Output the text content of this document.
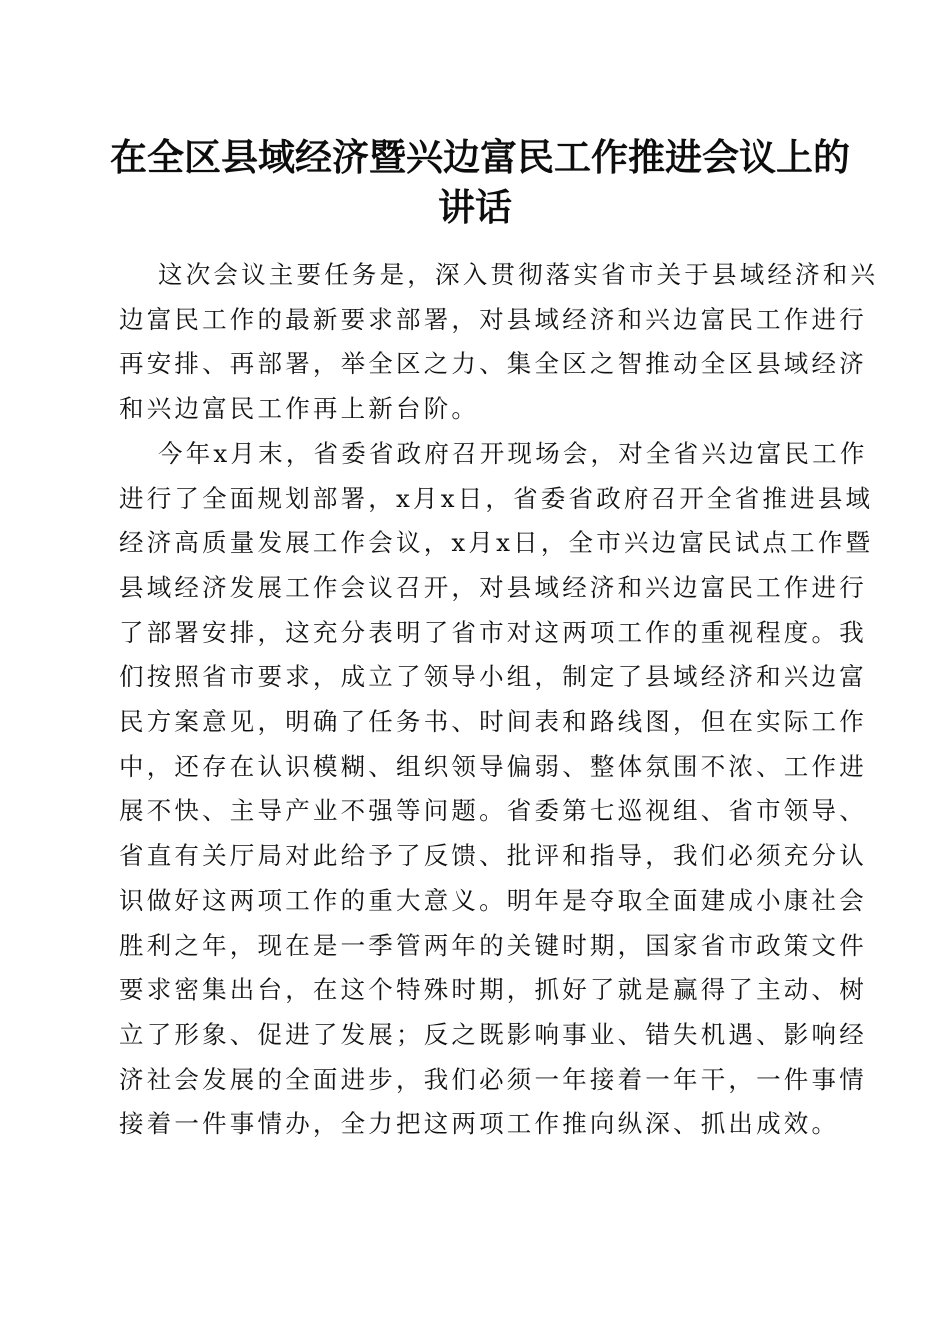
在全区县域经济暨兴边富民工作推进会议上的
讲话

这次会议主要任务是，深入贯彻落实省市关于县域经济和兴
边富民工作的最新要求部署，对县域经济和兴边富民工作进行
再安排、再部署，举全区之力、集全区之智推动全区县域经济
和兴边富民工作再上新台阶。

今年x月末，省委省政府召开现场会，对全省兴边富民工作
进行了全面规划部署，x月x日，省委省政府召开全省推进县域
经济高质量发展工作会议，x月x日，全市兴边富民试点工作暨
县域经济发展工作会议召开，对县域经济和兴边富民工作进行
了部署安排，这充分表明了省市对这两项工作的重视程度。我
们按照省市要求，成立了领导小组，制定了县域经济和兴边富
民方案意见，明确了任务书、时间表和路线图，但在实际工作
中，还存在认识模糊、组织领导偏弱、整体氛围不浓、工作进
展不快、主导产业不强等问题。省委第七巡视组、省市领导、
省直有关厅局对此给予了反馈、批评和指导，我们必须充分认
识做好这两项工作的重大意义。明年是夺取全面建成小康社会
胜利之年，现在是一季管两年的关键时期，国家省市政策文件
要求密集出台，在这个特殊时期，抓好了就是赢得了主动、树
立了形象、促进了发展；反之既影响事业、错失机遇、影响经
济社会发展的全面进步，我们必须一年接着一年干，一件事情
接着一件事情办，全力把这两项工作推向纵深、抓出成效。
